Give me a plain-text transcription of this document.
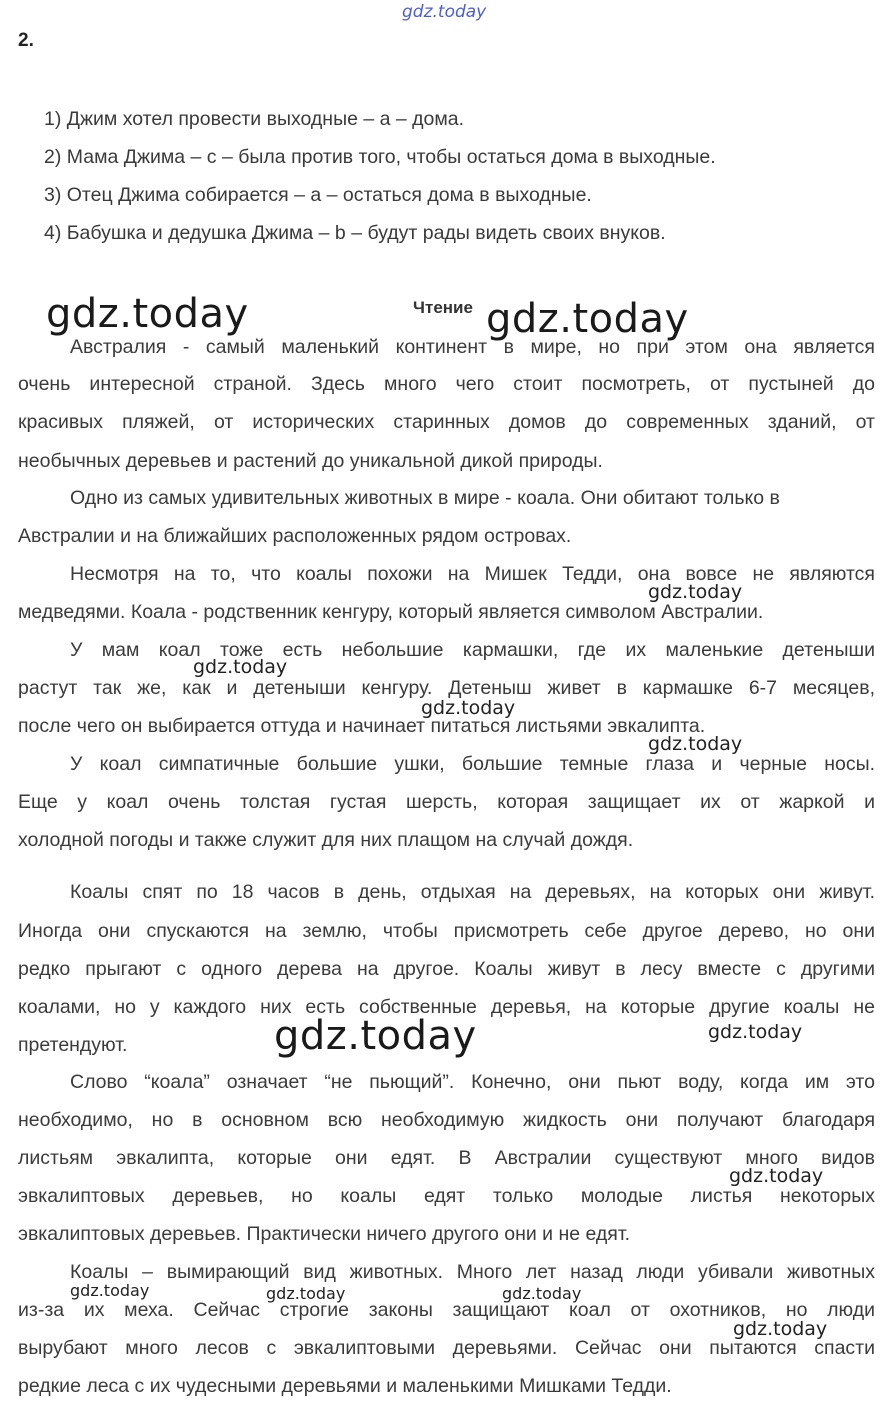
gdz.today
2.
1) Джим хотел провести выходные – a – дома.
2) Мама Джима – c – была против того, чтобы остаться дома в выходные.
3) Отец Джима собирается – a – остаться дома в выходные.
4) Бабушка и дедушка Джима – b – будут рады видеть своих внуков.
Чтение
Австралия - самый маленький континент в мире, но при этом она является
очень интересной страной. Здесь много чего стоит посмотреть, от пустыней до
красивых пляжей, от исторических старинных домов до современных зданий, от
необычных деревьев и растений до уникальной дикой природы.
Одно из самых удивительных животных в мире - коала. Они обитают только в
Австралии и на ближайших расположенных рядом островах.
Несмотря на то, что коалы похожи на Мишек Тедди, она вовсе не являются
медведями. Коала - родственник кенгуру, который является символом Австралии.
У мам коал тоже есть небольшие кармашки, где их маленькие детеныши
растут так же, как и детеныши кенгуру. Детеныш живет в кармашке 6-7 месяцев,
после чего он выбирается оттуда и начинает питаться листьями эвкалипта.
У коал симпатичные большие ушки, большие темные глаза и черные носы.
Еще у коал очень толстая густая шерсть, которая защищает их от жаркой и
холодной погоды и также служит для них плащом на случай дождя.
Коалы спят по 18 часов в день, отдыхая на деревьях, на которых они живут.
Иногда они спускаются на землю, чтобы присмотреть себе другое дерево, но они
редко прыгают с одного дерева на другое. Коалы живут в лесу вместе с другими
коалами, но у каждого них есть собственные деревья, на которые другие коалы не
претендуют.
Слово “коала” означает “не пьющий”. Конечно, они пьют воду, когда им это
необходимо, но в основном всю необходимую жидкость они получают благодаря
листьям эвкалипта, которые они едят. В Австралии существуют много видов
эвкалиптовых деревьев, но коалы едят только молодые листья некоторых
эвкалиптовых деревьев. Практически ничего другого они и не едят.
Коалы – вымирающий вид животных. Много лет назад люди убивали животных
из-за их меха. Сейчас строгие законы защищают коал от охотников, но люди
вырубают много лесов с эвкалиптовыми деревьями. Сейчас они пытаются спасти
редкие леса с их чудесными деревьями и маленькими Мишками Тедди.
gdz.today	gdz.today
gdz.today
gdz.today
gdz.today
gdz.today
gdz.today
gdz.today
gdz.today
gdz.today
gdz.today	gdz.today	gdz.today
